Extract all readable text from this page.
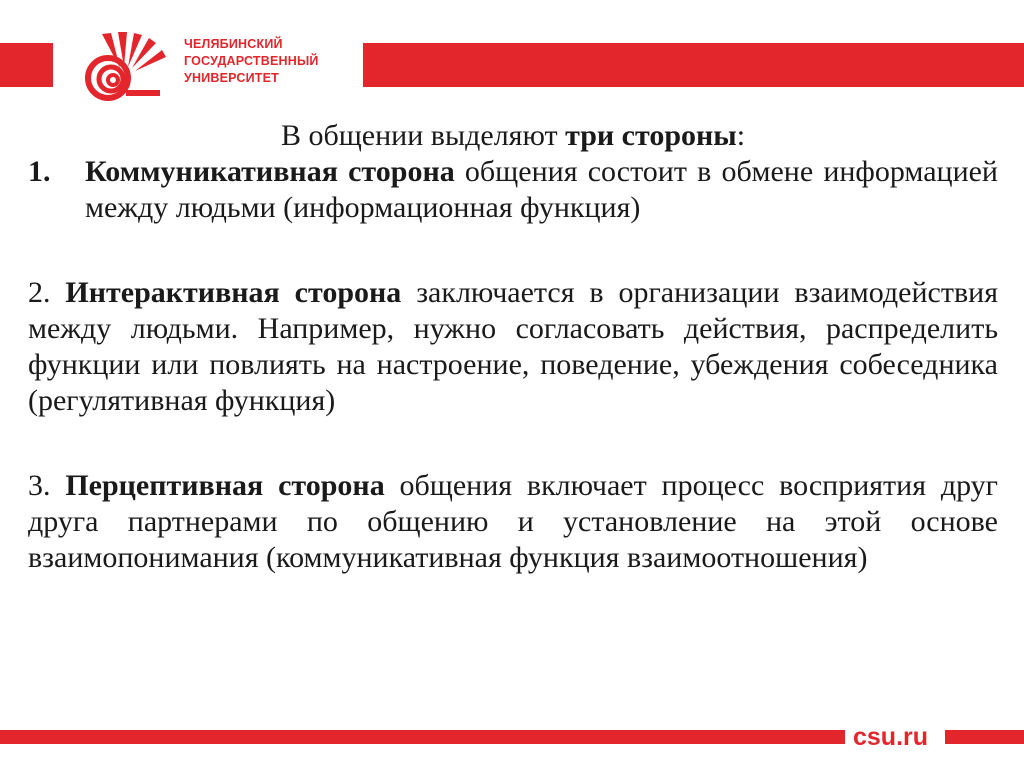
ЧЕЛЯБИНСКИЙ
ГОСУДАРСТВЕННЫЙ
УНИВЕРСИТЕТ

В общении выделяют три стороны:

1.	Коммуникативная сторона общения состоит в обмене информацией между людьми (информационная функция)

2. Интерактивная сторона заключается в организации взаимодействия между людьми. Например, нужно согласовать действия, распределить функции или повлиять на настроение, поведение, убеждения собеседника (регулятивная функция)

3. Перцептивная сторона общения включает процесс восприятия друг друга партнерами по общению и установление на этой основе взаимопонимания (коммуникативная функция взаимоотношения)

csu.ru
